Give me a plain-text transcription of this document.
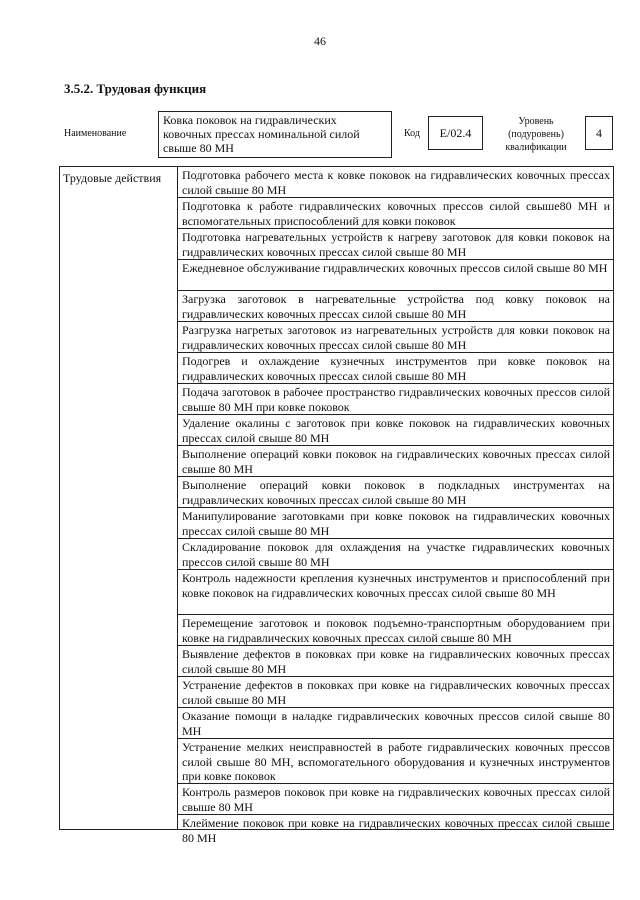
46
3.5.2. Трудовая функция
Наименование
Ковка поковок на гидравлических ковочных прессах номинальной силой свыше 80 МН
Код	E/02.4
Уровень (подуровень) квалификации
4
Трудовые действия	Подготовка рабочего места к ковке поковок на гидравлических ковочных прессах силой свыше 80 МН
Подготовка к работе гидравлических ковочных прессов силой свыше80 МН и вспомогательных приспособлений для ковки поковок
Подготовка нагревательных устройств к нагреву заготовок для ковки поковок на гидравлических ковочных прессах силой свыше 80 МН
Ежедневное обслуживание гидравлических ковочных прессов силой свыше 80 МН
Загрузка заготовок в нагревательные устройства под ковку поковок на гидравлических ковочных прессах силой свыше 80 МН
Разгрузка нагретых заготовок из нагревательных устройств для ковки поковок на гидравлических ковочных прессах силой свыше 80 МН
Подогрев и охлаждение кузнечных инструментов при ковке поковок на гидравлических ковочных прессах силой свыше 80 МН
Подача заготовок в рабочее пространство гидравлических ковочных прессов силой свыше 80 МН при ковке поковок
Удаление окалины с заготовок при ковке поковок на гидравлических ковочных прессах силой свыше 80 МН
Выполнение операций ковки поковок на гидравлических ковочных прессах силой свыше 80 МН
Выполнение операций ковки поковок в подкладных инструментах на гидравлических ковочных прессах силой свыше 80 МН
Манипулирование заготовками при ковке поковок на гидравлических ковочных прессах силой свыше 80 МН
Складирование поковок для охлаждения на участке гидравлических ковочных прессов силой свыше 80 МН
Контроль надежности крепления кузнечных инструментов и приспособлений при ковке поковок на гидравлических ковочных прессах силой свыше 80 МН
Перемещение заготовок и поковок подъемно-транспортным оборудованием при ковке на гидравлических ковочных прессах силой свыше 80 МН
Выявление дефектов в поковках при ковке на гидравлических ковочных прессах силой свыше 80 МН
Устранение дефектов в поковках при ковке на гидравлических ковочных прессах силой свыше 80 МН
Оказание помощи в наладке гидравлических ковочных прессов силой свыше 80 МН
Устранение мелких неисправностей в работе гидравлических ковочных прессов силой свыше 80 МН, вспомогательного оборудования и кузнечных инструментов при ковке поковок
Контроль размеров поковок при ковке на гидравлических ковочных прессах силой свыше 80 МН
Клеймение поковок при ковке на гидравлических ковочных прессах силой свыше 80 МН
